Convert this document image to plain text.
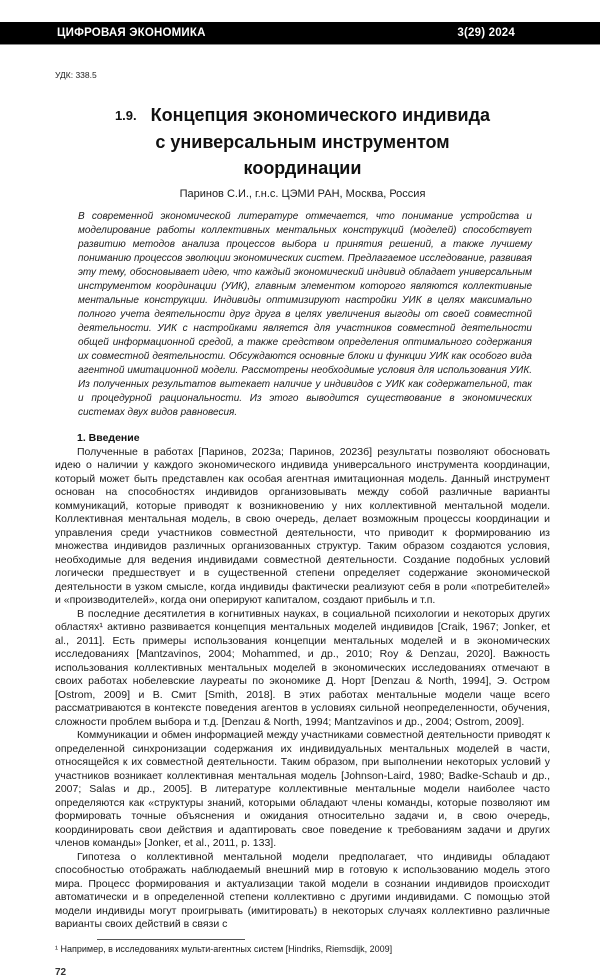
ЦИФРОВАЯ ЭКОНОМИКА	3(29) 2024
УДК: 338.5
1.9. Концепция экономического индивида
с универсальным инструментом
координации
Паринов С.И., г.н.с. ЦЭМИ РАН, Москва, Россия
В современной экономической литературе отмечается, что понимание устройства и моделирование работы коллективных ментальных конструкций (моделей) способствует развитию методов анализа процессов выбора и принятия решений, а также лучшему пониманию процессов эволюции экономических систем. Предлагаемое исследование, развивая эту тему, обосновывает идею, что каждый экономический индивид обладает универсальным инструментом координации (УИК), главным элементом которого являются коллективные ментальные конструкции. Индивиды оптимизируют настройки УИК в целях максимально полного учета деятельности друг друга в целях увеличения выгоды от своей совместной деятельности. УИК с настройками является для участников совместной деятельности общей информационной средой, а также средством определения оптимального содержания их совместной деятельности. Обсуждаются основные блоки и функции УИК как особого вида агентной имитационной модели. Рассмотрены необходимые условия для использования УИК. Из полученных результатов вытекает наличие у индивидов с УИК как содержательной, так и процедурной рациональности. Из этого выводится существование в экономических системах двух видов равновесия.
1. Введение

Полученные в работах [Паринов, 2023а; Паринов, 2023б] результаты позволяют обосновать идею о наличии у каждого экономического индивида универсального инструмента координации, который может быть представлен как особая агентная имитационная модель. Данный инструмент основан на способностях индивидов организовывать между собой различные варианты коммуникаций, которые приводят к возникновению у них коллективной ментальной модели. Коллективная ментальная модель, в свою очередь, делает возможным процессы координации и управления среди участников совместной деятельности, что приводит к формированию из множества индивидов различных организованных структур. Таким образом создаются условия, необходимые для ведения индивидами совместной деятельности. Создание подобных условий логически предшествует и в существенной степени определяет содержание экономической деятельности в узком смысле, когда индивиды фактически реализуют себя в роли «потребителей» и «производителей», когда они оперируют капиталом, создают прибыль и т.п.

В последние десятилетия в когнитивных науках, в социальной психологии и некоторых других областях¹ активно развивается концепция ментальных моделей индивидов [Craik, 1967; Jonker, et al., 2011]. Есть примеры использования концепции ментальных моделей и в экономических исследованиях [Mantzavinos, 2004; Mohammed, и др., 2010; Roy & Denzau, 2020]. Важность использования коллективных ментальных моделей в экономических исследованиях отмечают в своих работах нобелевские лауреаты по экономике Д. Норт [Denzau & North, 1994], Э. Остром [Ostrom, 2009] и В. Смит [Smith, 2018]. В этих работах ментальные модели чаще всего рассматриваются в контексте поведения агентов в условиях сильной неопределенности, обучения, сложности проблем выбора и т.д. [Denzau & North, 1994; Mantzavinos и др., 2004; Ostrom, 2009].

Коммуникации и обмен информацией между участниками совместной деятельности приводят к определенной синхронизации содержания их индивидуальных ментальных моделей в части, относящейся к их совместной деятельности. Таким образом, при выполнении некоторых условий у участников возникает коллективная ментальная модель [Johnson-Laird, 1980; Badke-Schaub и др., 2007; Salas и др., 2005]. В литературе коллективные ментальные модели наиболее часто определяются как «структуры знаний, которыми обладают члены команды, которые позволяют им формировать точные объяснения и ожидания относительно задачи и, в свою очередь, координировать свои действия и адаптировать свое поведение к требованиям задачи и других членов команды» [Jonker, et al., 2011, p. 133].

Гипотеза о коллективной ментальной модели предполагает, что индивиды обладают способностью отображать наблюдаемый внешний мир в готовую к использованию модель этого мира. Процесс формирования и актуализации такой модели в сознании индивидов происходит автоматически и в определенной степени коллективно с другими индивидами. С помощью этой модели индивиды могут проигрывать (имитировать) в некоторых случаях коллективно различные варианты своих действий в связи с

¹ Например, в исследованиях мульти-агентных систем [Hindriks, Riemsdijk, 2009]
72
